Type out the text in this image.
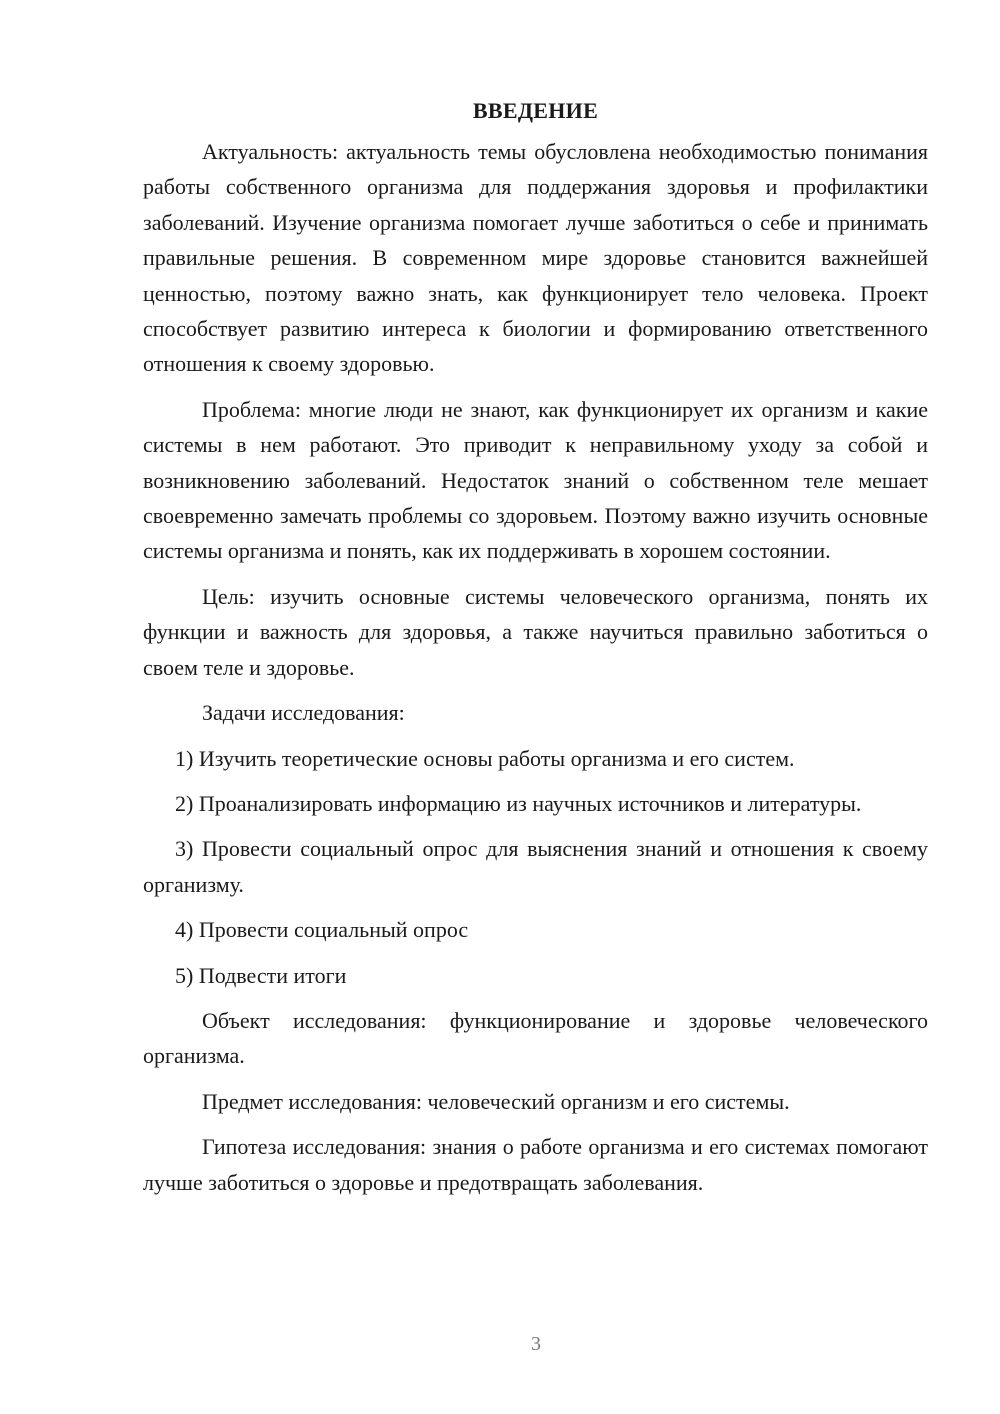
ВВЕДЕНИЕ

Актуальность: актуальность темы обусловлена необходимостью понимания работы собственного организма для поддержания здоровья и профилактики заболеваний. Изучение организма помогает лучше заботиться о себе и принимать правильные решения. В современном мире здоровье становится важнейшей ценностью, поэтому важно знать, как функционирует тело человека. Проект способствует развитию интереса к биологии и формированию ответственного отношения к своему здоровью.

Проблема: многие люди не знают, как функционирует их организм и какие системы в нем работают. Это приводит к неправильному уходу за собой и возникновению заболеваний. Недостаток знаний о собственном теле мешает своевременно замечать проблемы со здоровьем. Поэтому важно изучить основные системы организма и понять, как их поддерживать в хорошем состоянии.

Цель: изучить основные системы человеческого организма, понять их функции и важность для здоровья, а также научиться правильно заботиться о своем теле и здоровье.

Задачи исследования:

1) Изучить теоретические основы работы организма и его систем.

2) Проанализировать информацию из научных источников и литературы.

3) Провести социальный опрос для выяснения знаний и отношения к своему организму.

4) Провести социальный опрос

5) Подвести итоги

Объект исследования: функционирование и здоровье человеческого организма.

Предмет исследования: человеческий организм и его системы.

Гипотеза исследования: знания о работе организма и его системах помогают лучше заботиться о здоровье и предотвращать заболевания.

3
